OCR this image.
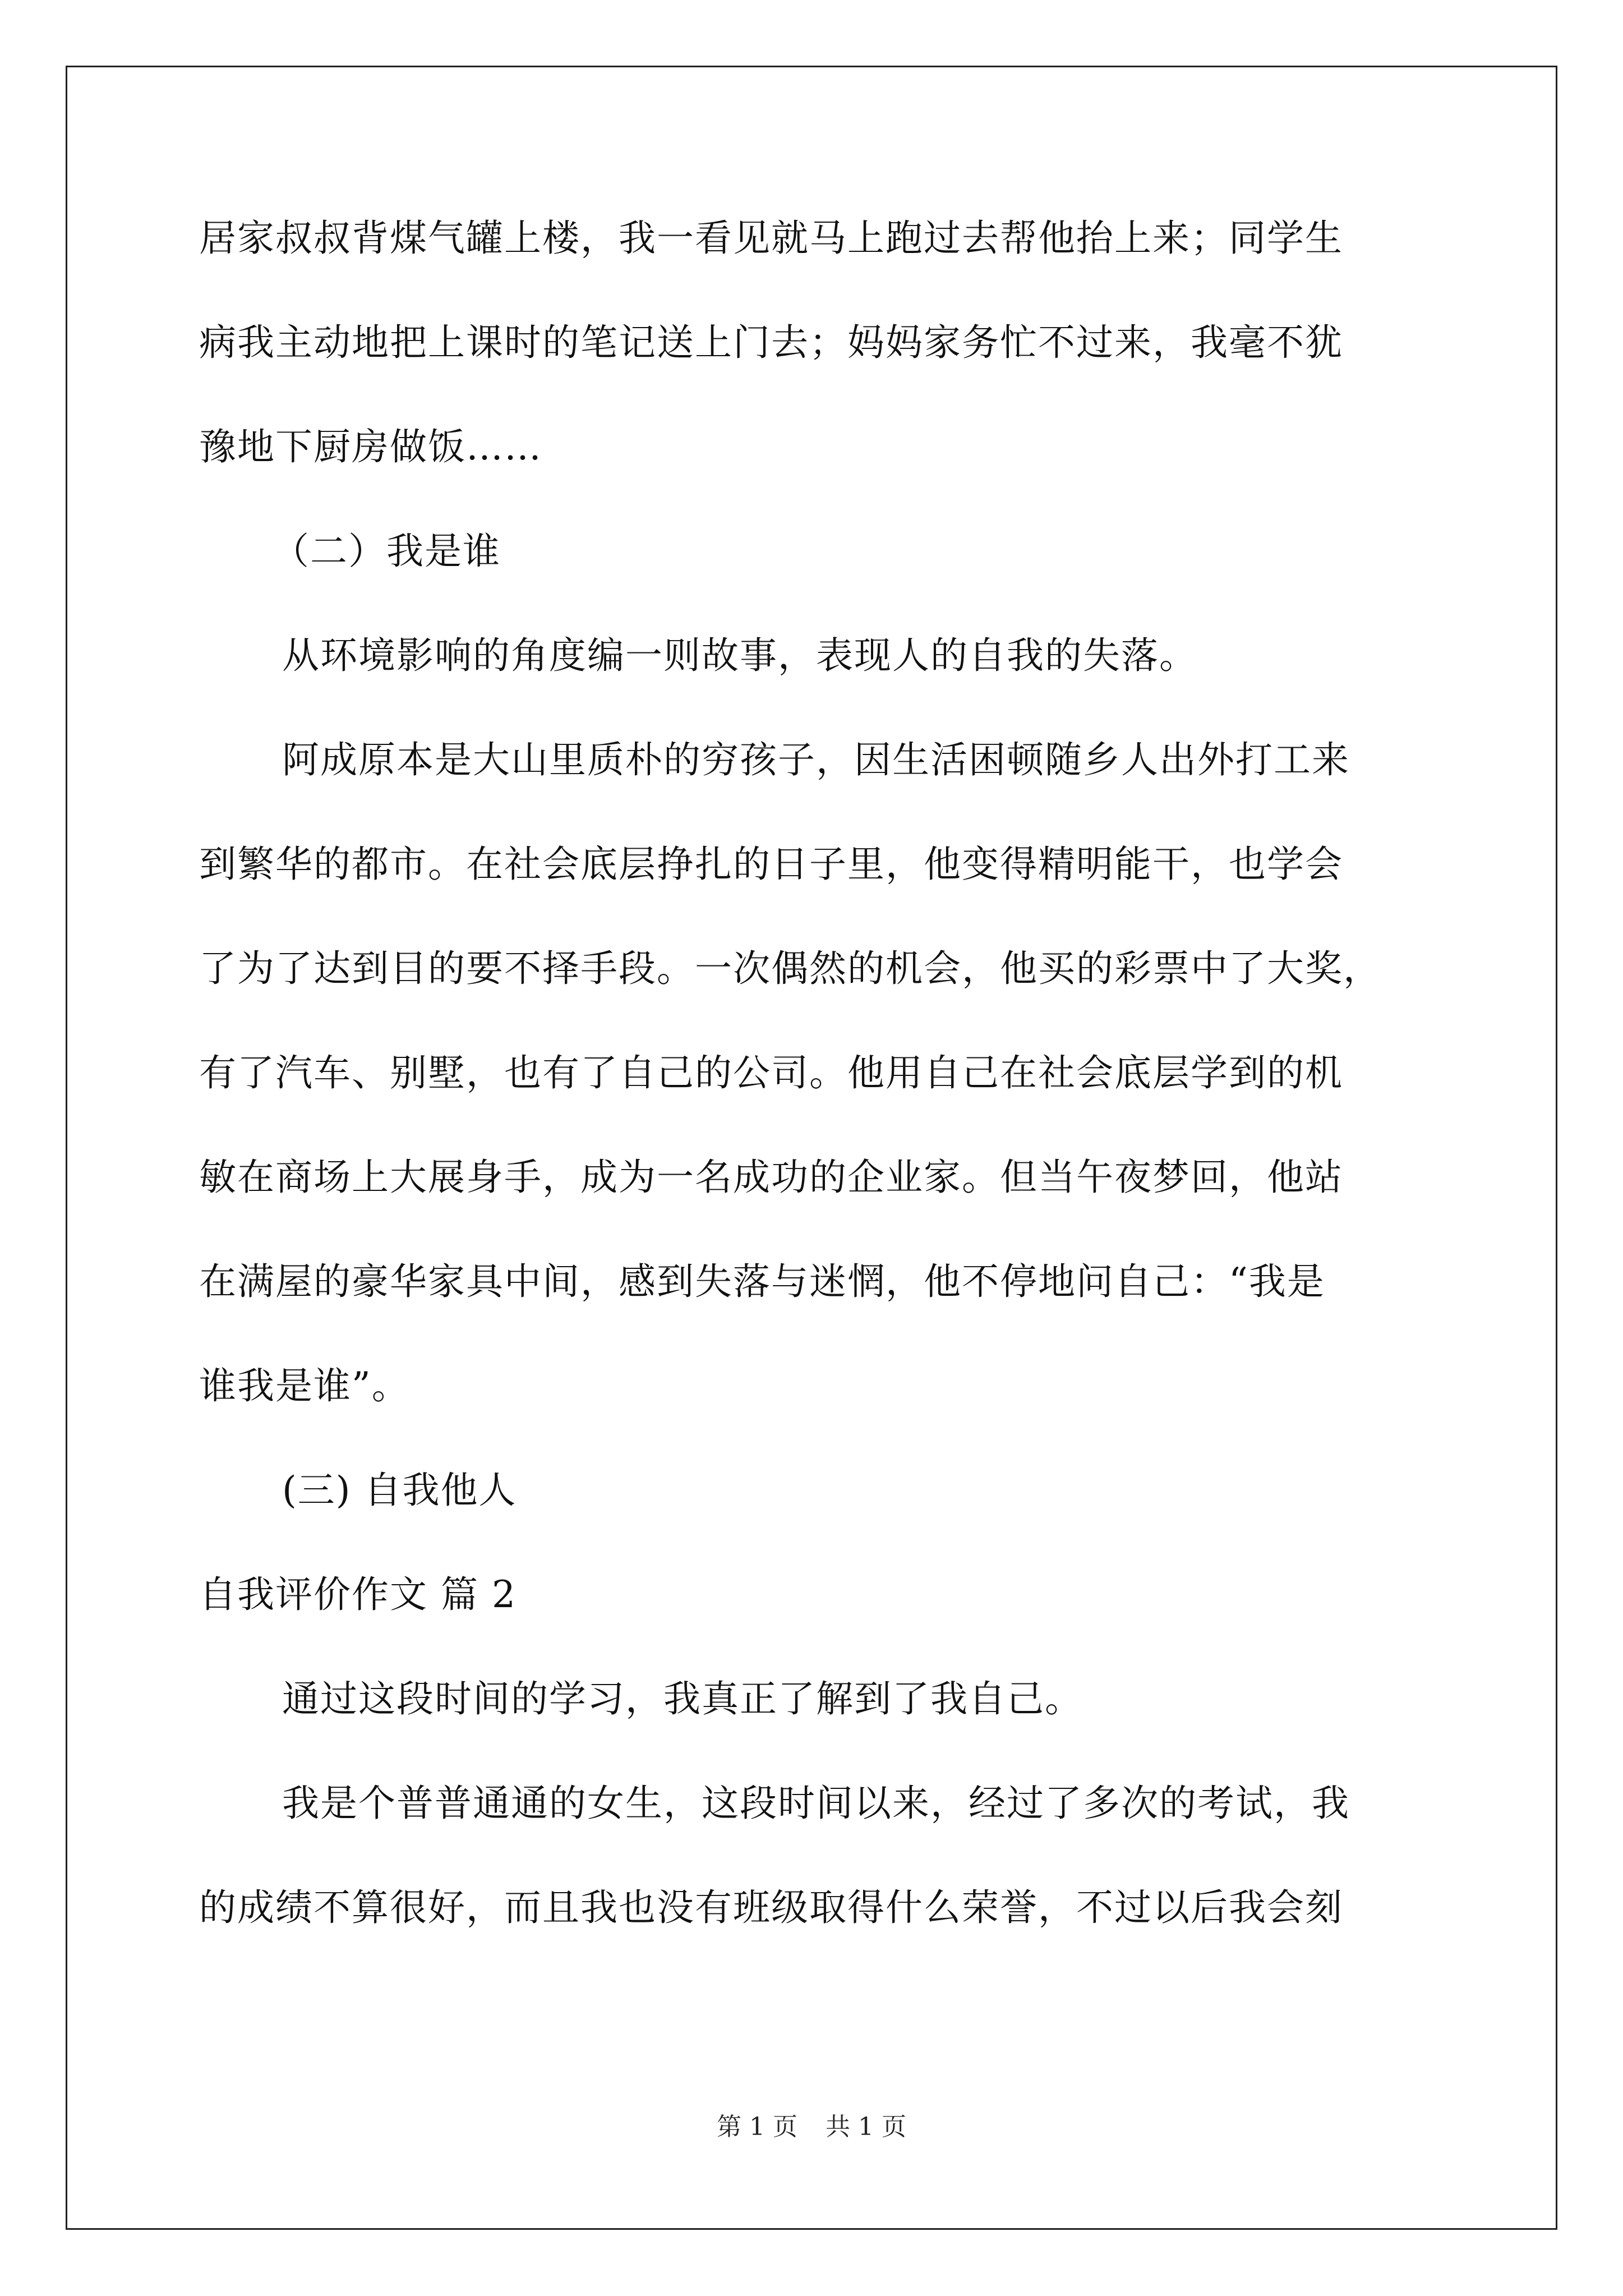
居家叔叔背煤气罐上楼，我一看见就马上跑过去帮他抬上来；同学生
病我主动地把上课时的笔记送上门去；妈妈家务忙不过来，我毫不犹
豫地下厨房做饭……
（二）我是谁
从环境影响的角度编一则故事，表现人的自我的失落。
阿成原本是大山里质朴的穷孩子，因生活困顿随乡人出外打工来
到繁华的都市。在社会底层挣扎的日子里，他变得精明能干，也学会
了为了达到目的要不择手段。一次偶然的机会，他买的彩票中了大奖，
有了汽车、别墅，也有了自己的公司。他用自己在社会底层学到的机
敏在商场上大展身手，成为一名成功的企业家。但当午夜梦回，他站
在满屋的豪华家具中间，感到失落与迷惘，他不停地问自己：“我是
谁我是谁”。
(三) 自我他人
自我评价作文 篇 2
通过这段时间的学习，我真正了解到了我自己。
我是个普普通通的女生，这段时间以来，经过了多次的考试，我
的成绩不算很好，而且我也没有班级取得什么荣誉，不过以后我会刻
第 1 页 共 1 页
